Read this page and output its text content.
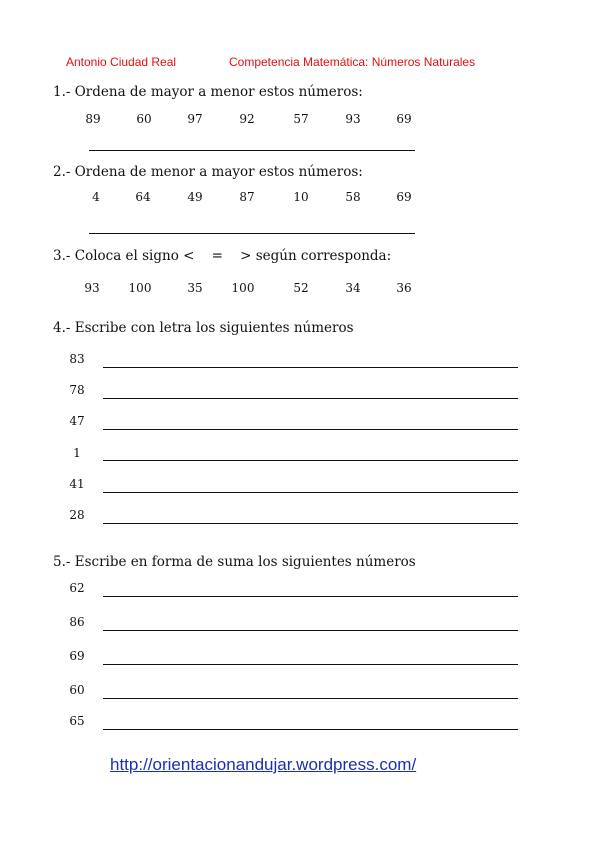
Antonio Ciudad Real	Competencia Matemática: Números Naturales
1.- Ordena de mayor a menor estos números:
89	60	97	92	57	93	69
2.- Ordena de menor a mayor estos números:
4	64	49	87	10	58	69
3.- Coloca el signo <    =    > según corresponda:
93	100	35	100	52	34	36
4.- Escribe con letra los siguientes números
83
78
47
1
41
28
5.- Escribe en forma de suma los siguientes números
62
86
69
60
65
http://orientacionandujar.wordpress.com/
